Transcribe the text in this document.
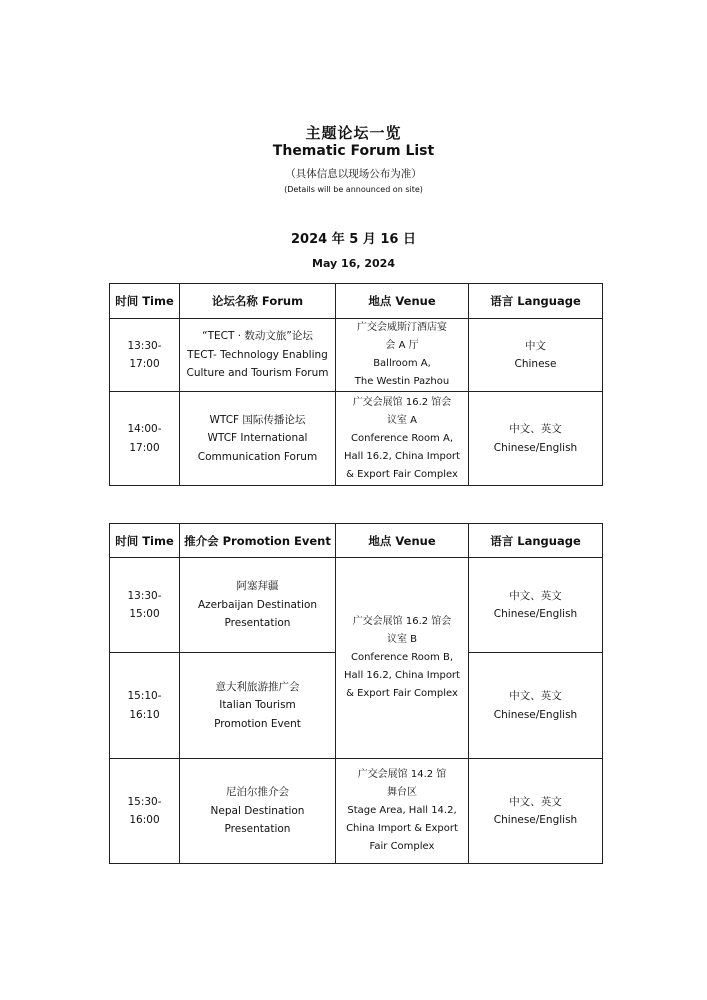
主题论坛一览
Thematic Forum List
（具体信息以现场公布为准）
(Details will be announced on site)
2024 年 5 月 16 日
May 16, 2024
时间 Time	论坛名称 Forum	地点 Venue	语言 Language

13:30-
17:00	“TECT · 数动文旅”论坛
TECT- Technology Enabling
Culture and Tourism Forum	广交会威斯汀酒店宴
会 A 厅
Ballroom A,
The Westin Pazhou	中文
Chinese

14:00-
17:00	WTCF 国际传播论坛
WTCF International
Communication Forum	广交会展馆 16.2 馆会
议室 A
Conference Room A,
Hall 16.2, China Import
& Export Fair Complex	中文、英文
Chinese/English
时间 Time	推介会 Promotion Event	地点 Venue	语言 Language

13:30-
15:00	阿塞拜疆
Azerbaijan Destination
Presentation	广交会展馆 16.2 馆会
议室 B
Conference Room B,
Hall 16.2, China Import
& Export Fair Complex	中文、英文
Chinese/English

15:10-
16:10	意大利旅游推广会
Italian Tourism
Promotion Event		中文、英文
Chinese/English

15:30-
16:00	尼泊尔推介会
Nepal Destination
Presentation	广交会展馆 14.2 馆
舞台区
Stage Area, Hall 14.2,
China Import & Export
Fair Complex	中文、英文
Chinese/English
